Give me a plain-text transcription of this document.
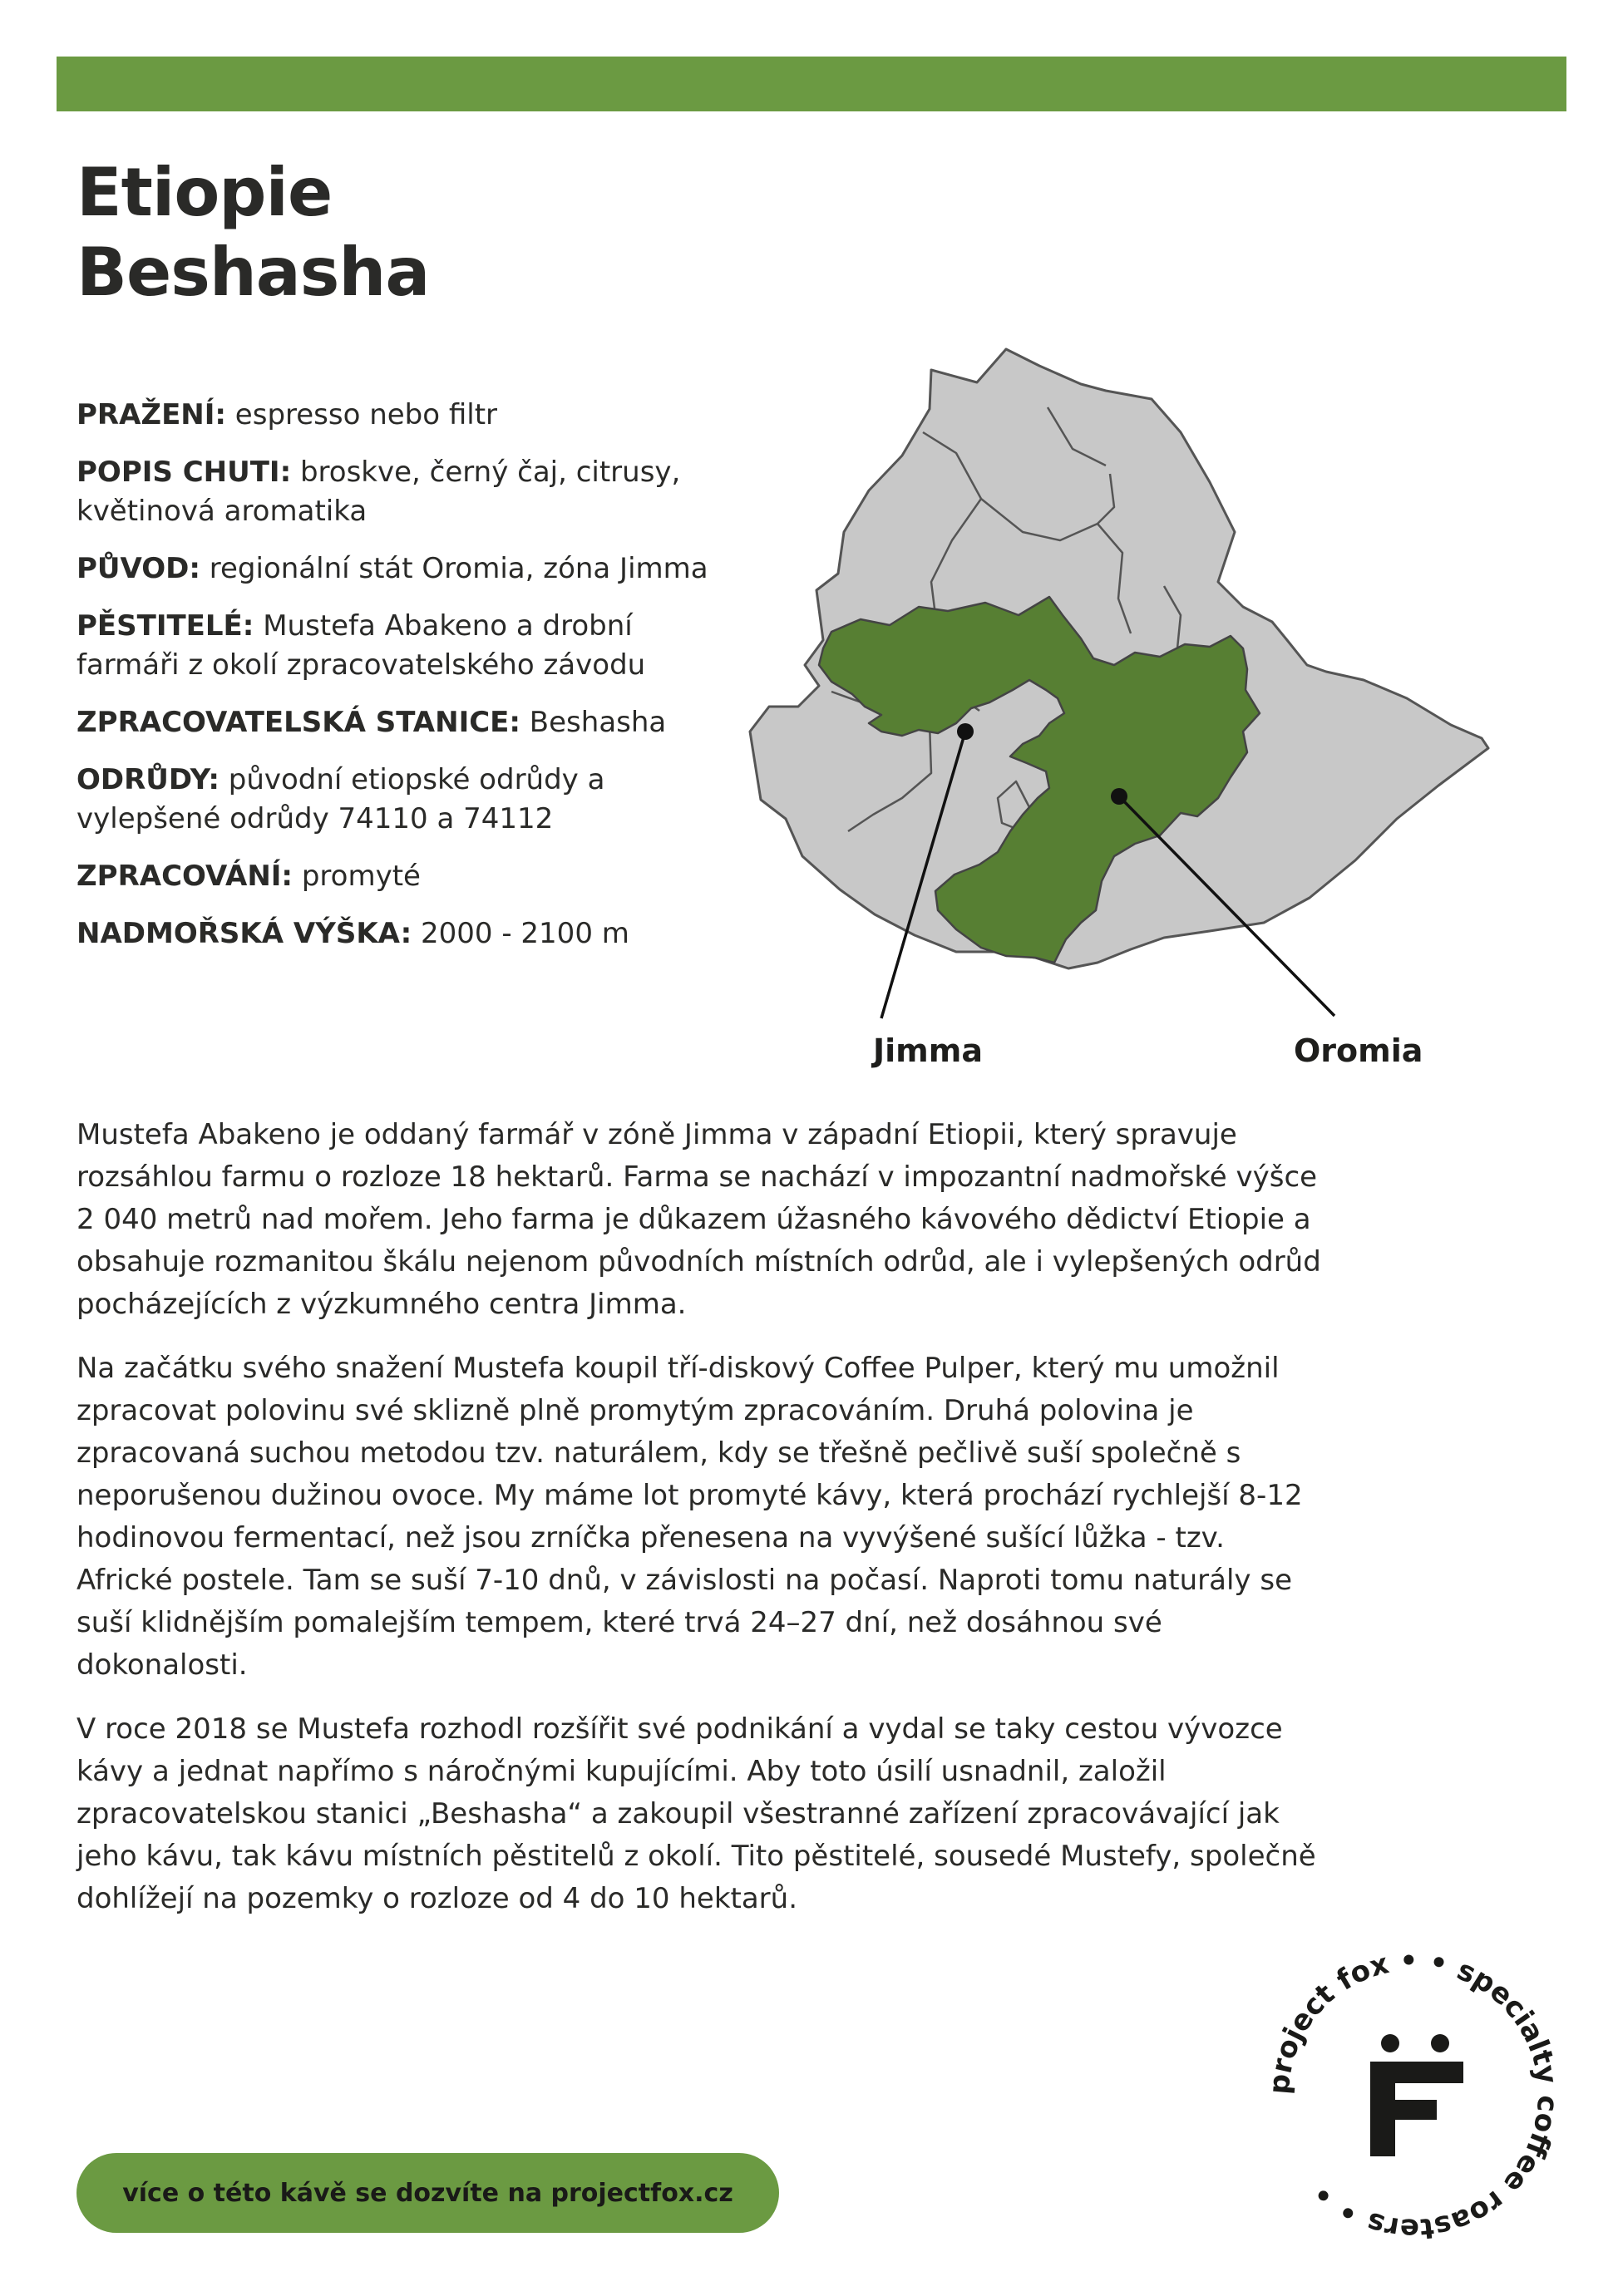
Etiopie
Beshasha

PRAŽENÍ: espresso nebo filtr

POPIS CHUTI: broskve, černý čaj, citrusy, květinová aromatika

PŮVOD: regionální stát Oromia, zóna Jimma

PĚSTITELÉ: Mustefa Abakeno a drobní farmáři z okolí zpracovatelského závodu

ZPRACOVATELSKÁ STANICE: Beshasha

ODRŮDY: původní etiopské odrůdy a vylepšené odrůdy 74110 a 74112

ZPRACOVÁNÍ: promyté

NADMOŘSKÁ VÝŠKA: 2000 - 2100 m

Jimma	Oromia

Mustefa Abakeno je oddaný farmář v zóně Jimma v západní Etiopii, který spravuje rozsáhlou farmu o rozloze 18 hektarů. Farma se nachází v impozantní nadmořské výšce 2 040 metrů nad mořem. Jeho farma je důkazem úžasného kávového dědictví Etiopie a obsahuje rozmanitou škálu nejenom původních místních odrůd, ale i vylepšených odrůd pocházejících z výzkumného centra Jimma.

Na začátku svého snažení Mustefa koupil tří-diskový Coffee Pulper, který mu umožnil zpracovat polovinu své sklizně plně promytým zpracováním. Druhá polovina je zpracovaná suchou metodou tzv. naturálem, kdy se třešně pečlivě suší společně s neporušenou dužinou ovoce. My máme lot promyté kávy, která prochází rychlejší 8-12 hodinovou fermentací, než jsou zrníčka přenesena na vyvýšené sušící lůžka - tzv. Africké postele. Tam se suší 7-10 dnů, v závislosti na počasí. Naproti tomu naturály se suší klidnějším pomalejším tempem, které trvá 24–27 dní, než dosáhnou své dokonalosti.

V roce 2018 se Mustefa rozhodl rozšířit své podnikání a vydal se taky cestou vývozce kávy a jednat napřímo s náročnými kupujícími. Aby toto úsilí usnadnil, založil zpracovatelskou stanici „Beshasha“ a zakoupil všestranné zařízení zpracovávající jak jeho kávu, tak kávu místních pěstitelů z okolí. Tito pěstitelé, sousedé Mustefy, společně dohlížejí na pozemky o rozloze od 4 do 10 hektarů.

více o této kávě se dozvíte na projectfox.cz
project fox • • specialty coffee roasters • •
